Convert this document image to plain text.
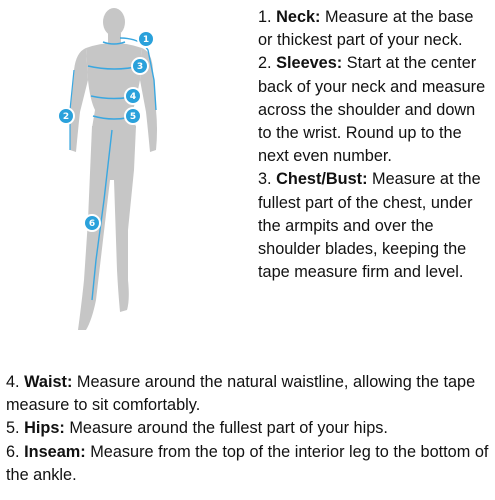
1
3
4
2	5
6

1. Neck: Measure at the base or thickest part of your neck.

2. Sleeves: Start at the center back of your neck and measure across the shoulder and down to the wrist. Round up to the next even number.

3. Chest/Bust: Measure at the fullest part of the chest, under the armpits and over the shoulder blades, keeping the tape measure firm and level.

4. Waist: Measure around the natural waistline, allowing the tape measure to sit comfortably.

5. Hips: Measure around the fullest part of your hips.

6. Inseam: Measure from the top of the interior leg to the bottom of the ankle.
